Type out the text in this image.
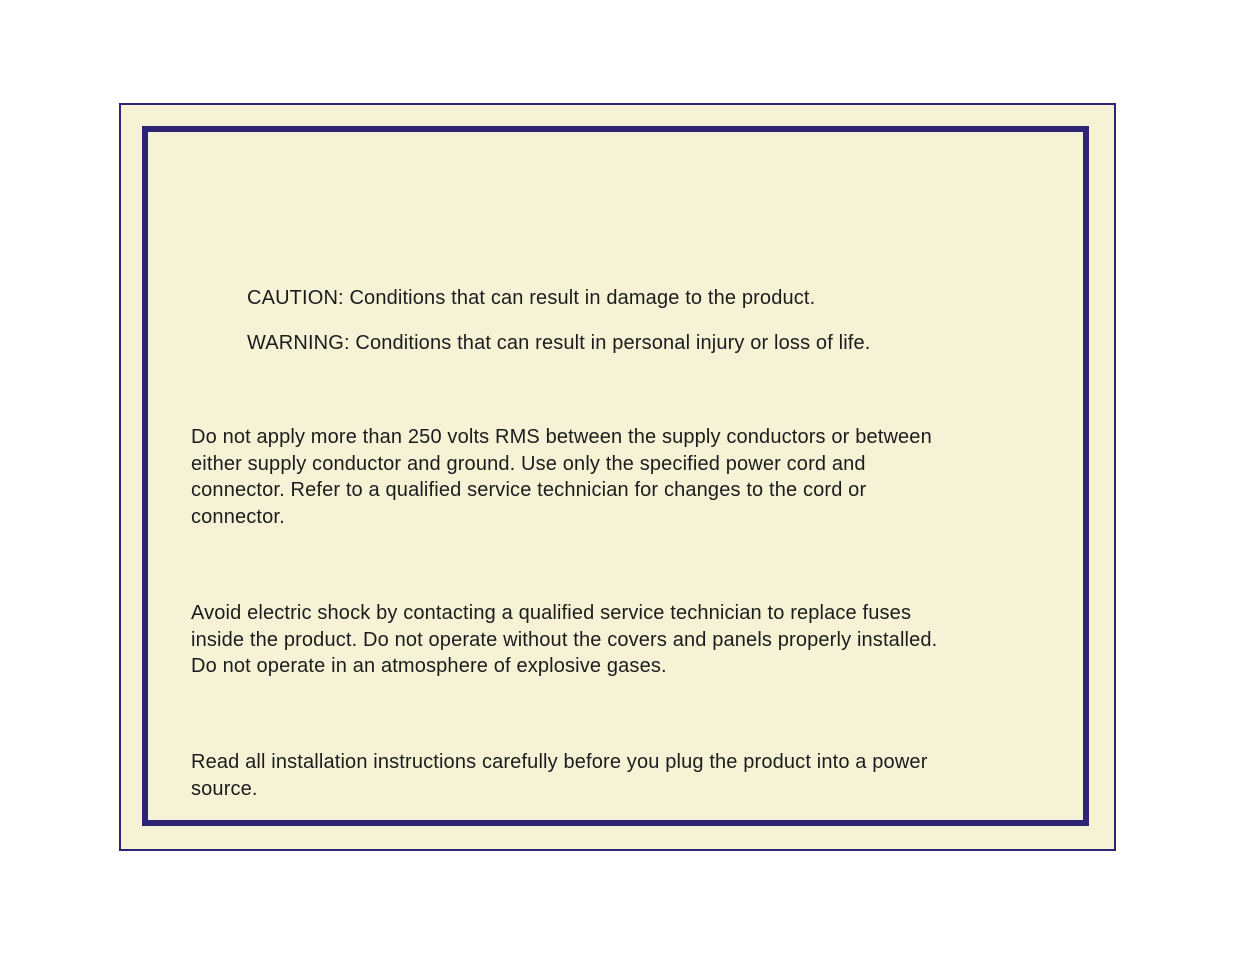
CAUTION: Conditions that can result in damage to the product.

WARNING: Conditions that can result in personal injury or loss of life.

Do not apply more than 250 volts RMS between the supply conductors or between
either supply conductor and ground. Use only the specified power cord and
connector. Refer to a qualified service technician for changes to the cord or
connector.

Avoid electric shock by contacting a qualified service technician to replace fuses
inside the product. Do not operate without the covers and panels properly installed.
Do not operate in an atmosphere of explosive gases.

Read all installation instructions carefully before you plug the product into a power
source.
